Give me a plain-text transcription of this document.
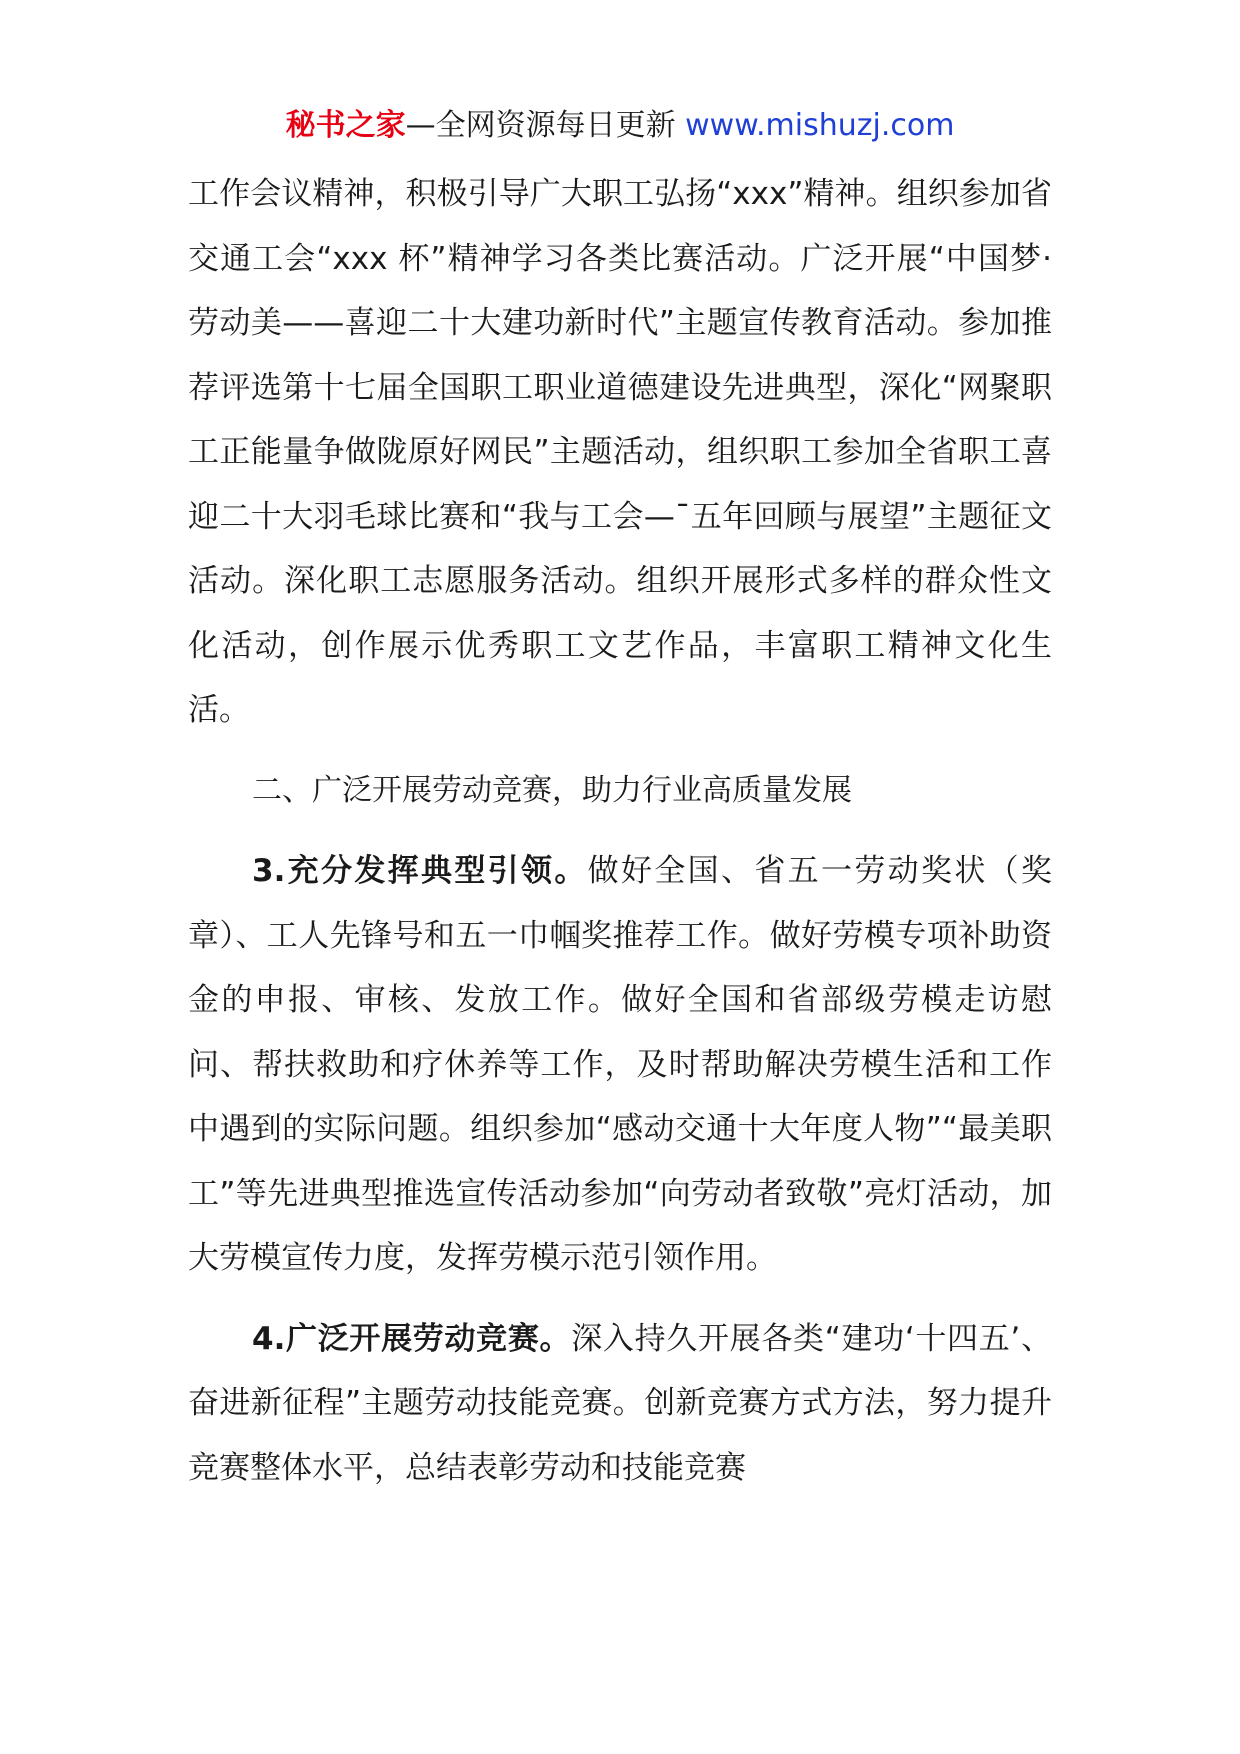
秘书之家—全网资源每日更新 www.mishuzj.com

工作会议精神，积极引导广大职工弘扬“xxx”精神。组织参加省交通工会“xxx 杯”精神学习各类比赛活动。广泛开展“中国梦·劳动美——喜迎二十大建功新时代”主题宣传教育活动。参加推荐评选第十七届全国职工职业道德建设先进典型，深化“网聚职工正能量争做陇原好网民”主题活动，组织职工参加全省职工喜迎二十大羽毛球比赛和“我与工会—¯五年回顾与展望”主题征文活动。深化职工志愿服务活动。组织开展形式多样的群众性文化活动，创作展示优秀职工文艺作品，丰富职工精神文化生活。

二、广泛开展劳动竞赛，助力行业高质量发展

3.充分发挥典型引领。做好全国、省五一劳动奖状（奖章）、工人先锋号和五一巾帼奖推荐工作。做好劳模专项补助资金的申报、审核、发放工作。做好全国和省部级劳模走访慰问、帮扶救助和疗休养等工作，及时帮助解决劳模生活和工作中遇到的实际问题。组织参加“感动交通十大年度人物”“最美职工”等先进典型推选宣传活动参加“向劳动者致敬”亮灯活动，加大劳模宣传力度，发挥劳模示范引领作用。

4.广泛开展劳动竞赛。深入持久开展各类“建功‘十四五’、奋进新征程”主题劳动技能竞赛。创新竞赛方式方法，努力提升竞赛整体水平，总结表彰劳动和技能竞赛
